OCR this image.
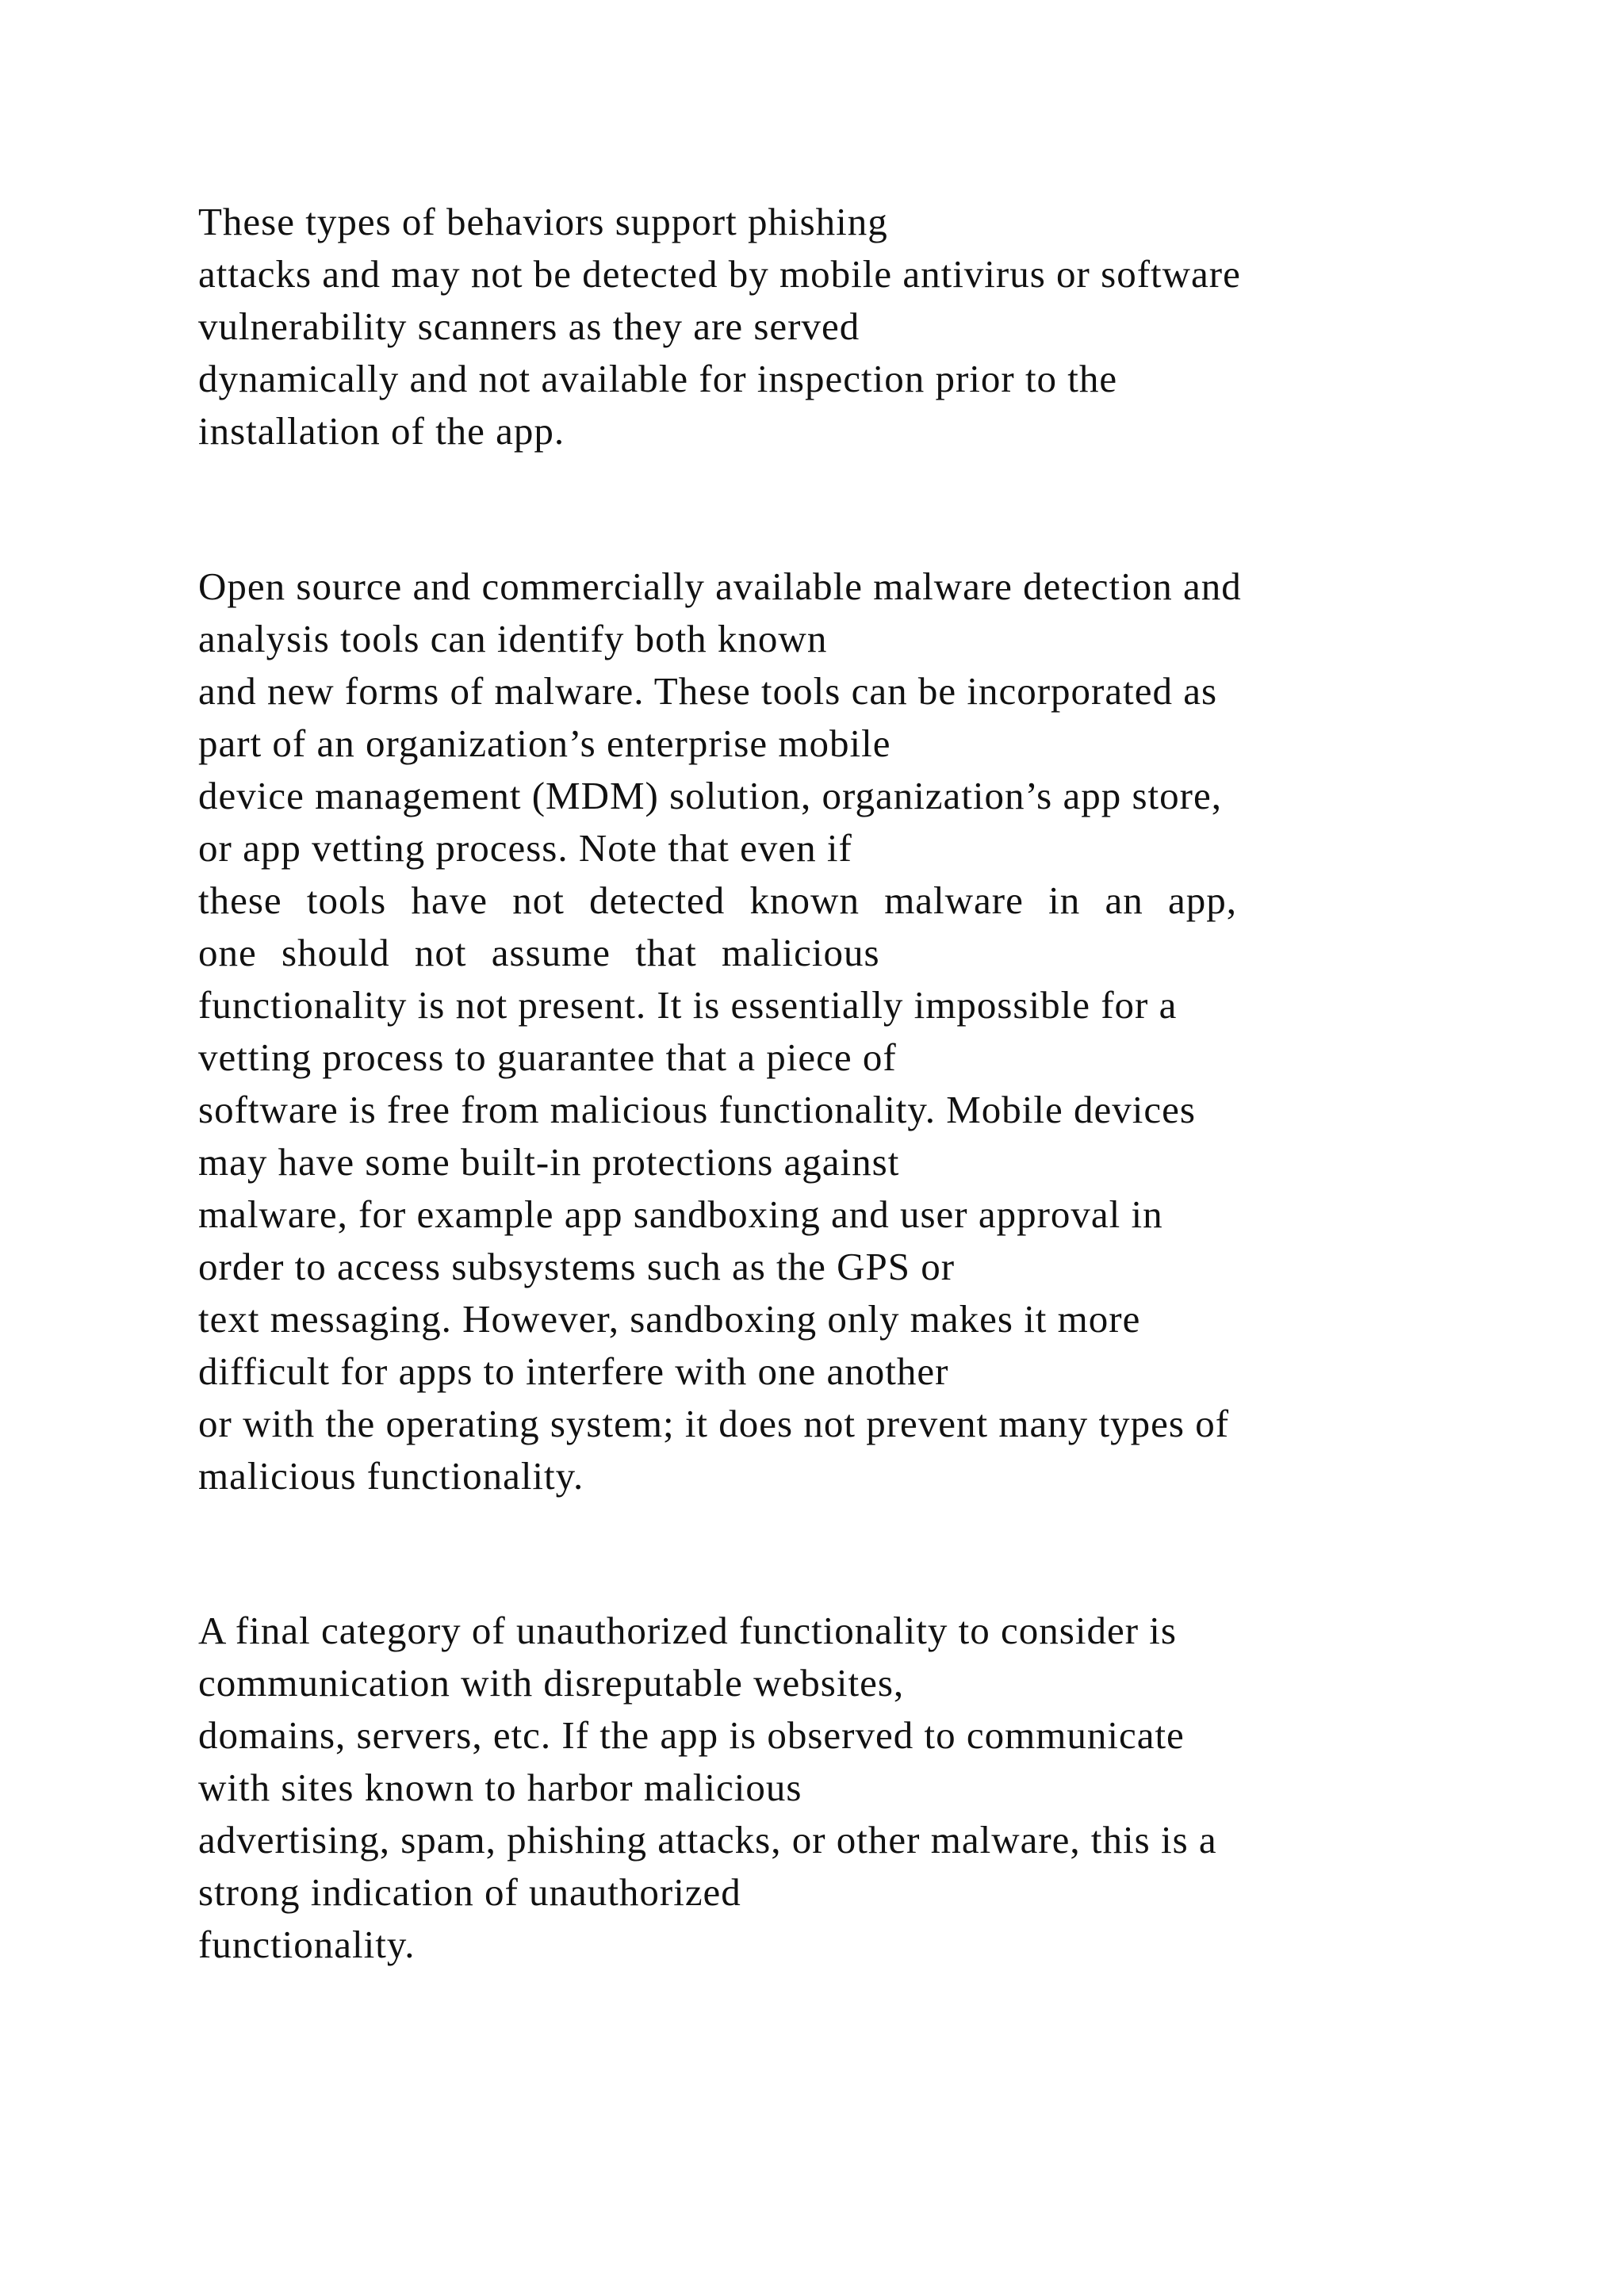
These types of behaviors support phishing
attacks and may not be detected by mobile antivirus or software
vulnerability scanners as they are served
dynamically and not available for inspection prior to the
installation of the app.
Open source and commercially available malware detection and
analysis tools can identify both known
and new forms of malware. These tools can be incorporated as
part of an organization’s enterprise mobile
device management (MDM) solution, organization’s app store,
or app vetting process. Note that even if
these tools have not detected known malware in an app,
one should not assume that malicious
functionality is not present. It is essentially impossible for a
vetting process to guarantee that a piece of
software is free from malicious functionality. Mobile devices
may have some built-in protections against
malware, for example app sandboxing and user approval in
order to access subsystems such as the GPS or
text messaging. However, sandboxing only makes it more
difficult for apps to interfere with one another
or with the operating system; it does not prevent many types of
malicious functionality.
A final category of unauthorized functionality to consider is
communication with disreputable websites,
domains, servers, etc. If the app is observed to communicate
with sites known to harbor malicious
advertising, spam, phishing attacks, or other malware, this is a
strong indication of unauthorized
functionality.
